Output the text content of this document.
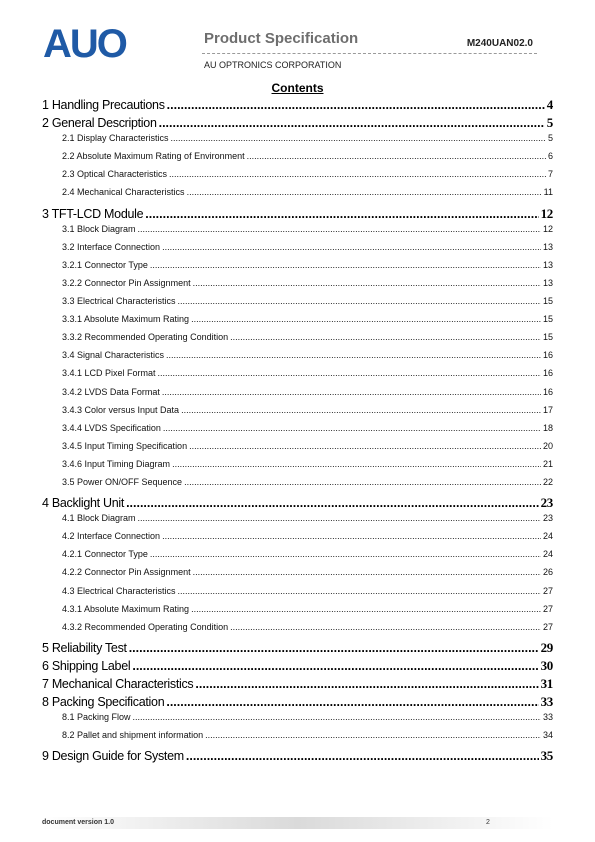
AUO	Product Specification	M240UAN02.0
AU OPTRONICS CORPORATION
Contents
1 Handling Precautions .....	4
2 General Description .....	5
2.1 Display Characteristics .....	5
2.2 Absolute Maximum Rating of Environment .....	6
2.3 Optical Characteristics .....	7
2.4 Mechanical Characteristics .....	11
3 TFT-LCD Module .....	12
3.1 Block Diagram .....	12
3.2 Interface Connection .....	13
3.2.1 Connector Type .....	13
3.2.2 Connector Pin Assignment .....	13
3.3 Electrical Characteristics .....	15
3.3.1 Absolute Maximum Rating .....	15
3.3.2 Recommended Operating Condition .....	15
3.4 Signal Characteristics .....	16
3.4.1 LCD Pixel Format .....	16
3.4.2 LVDS Data Format .....	16
3.4.3 Color versus Input Data .....	17
3.4.4 LVDS Specification .....	18
3.4.5 Input Timing Specification .....	20
3.4.6 Input Timing Diagram .....	21
3.5 Power ON/OFF Sequence .....	22
4 Backlight Unit .....	23
4.1 Block Diagram .....	23
4.2 Interface Connection .....	24
4.2.1 Connector Type .....	24
4.2.2 Connector Pin Assignment .....	26
4.3 Electrical Characteristics .....	27
4.3.1 Absolute Maximum Rating .....	27
4.3.2 Recommended Operating Condition .....	27
5 Reliability Test .....	29
6 Shipping Label .....	30
7 Mechanical Characteristics .....	31
8 Packing Specification .....	33
8.1 Packing Flow .....	33
8.2 Pallet and shipment information .....	34
9 Design Guide for System .....	35
document version 1.0	2
